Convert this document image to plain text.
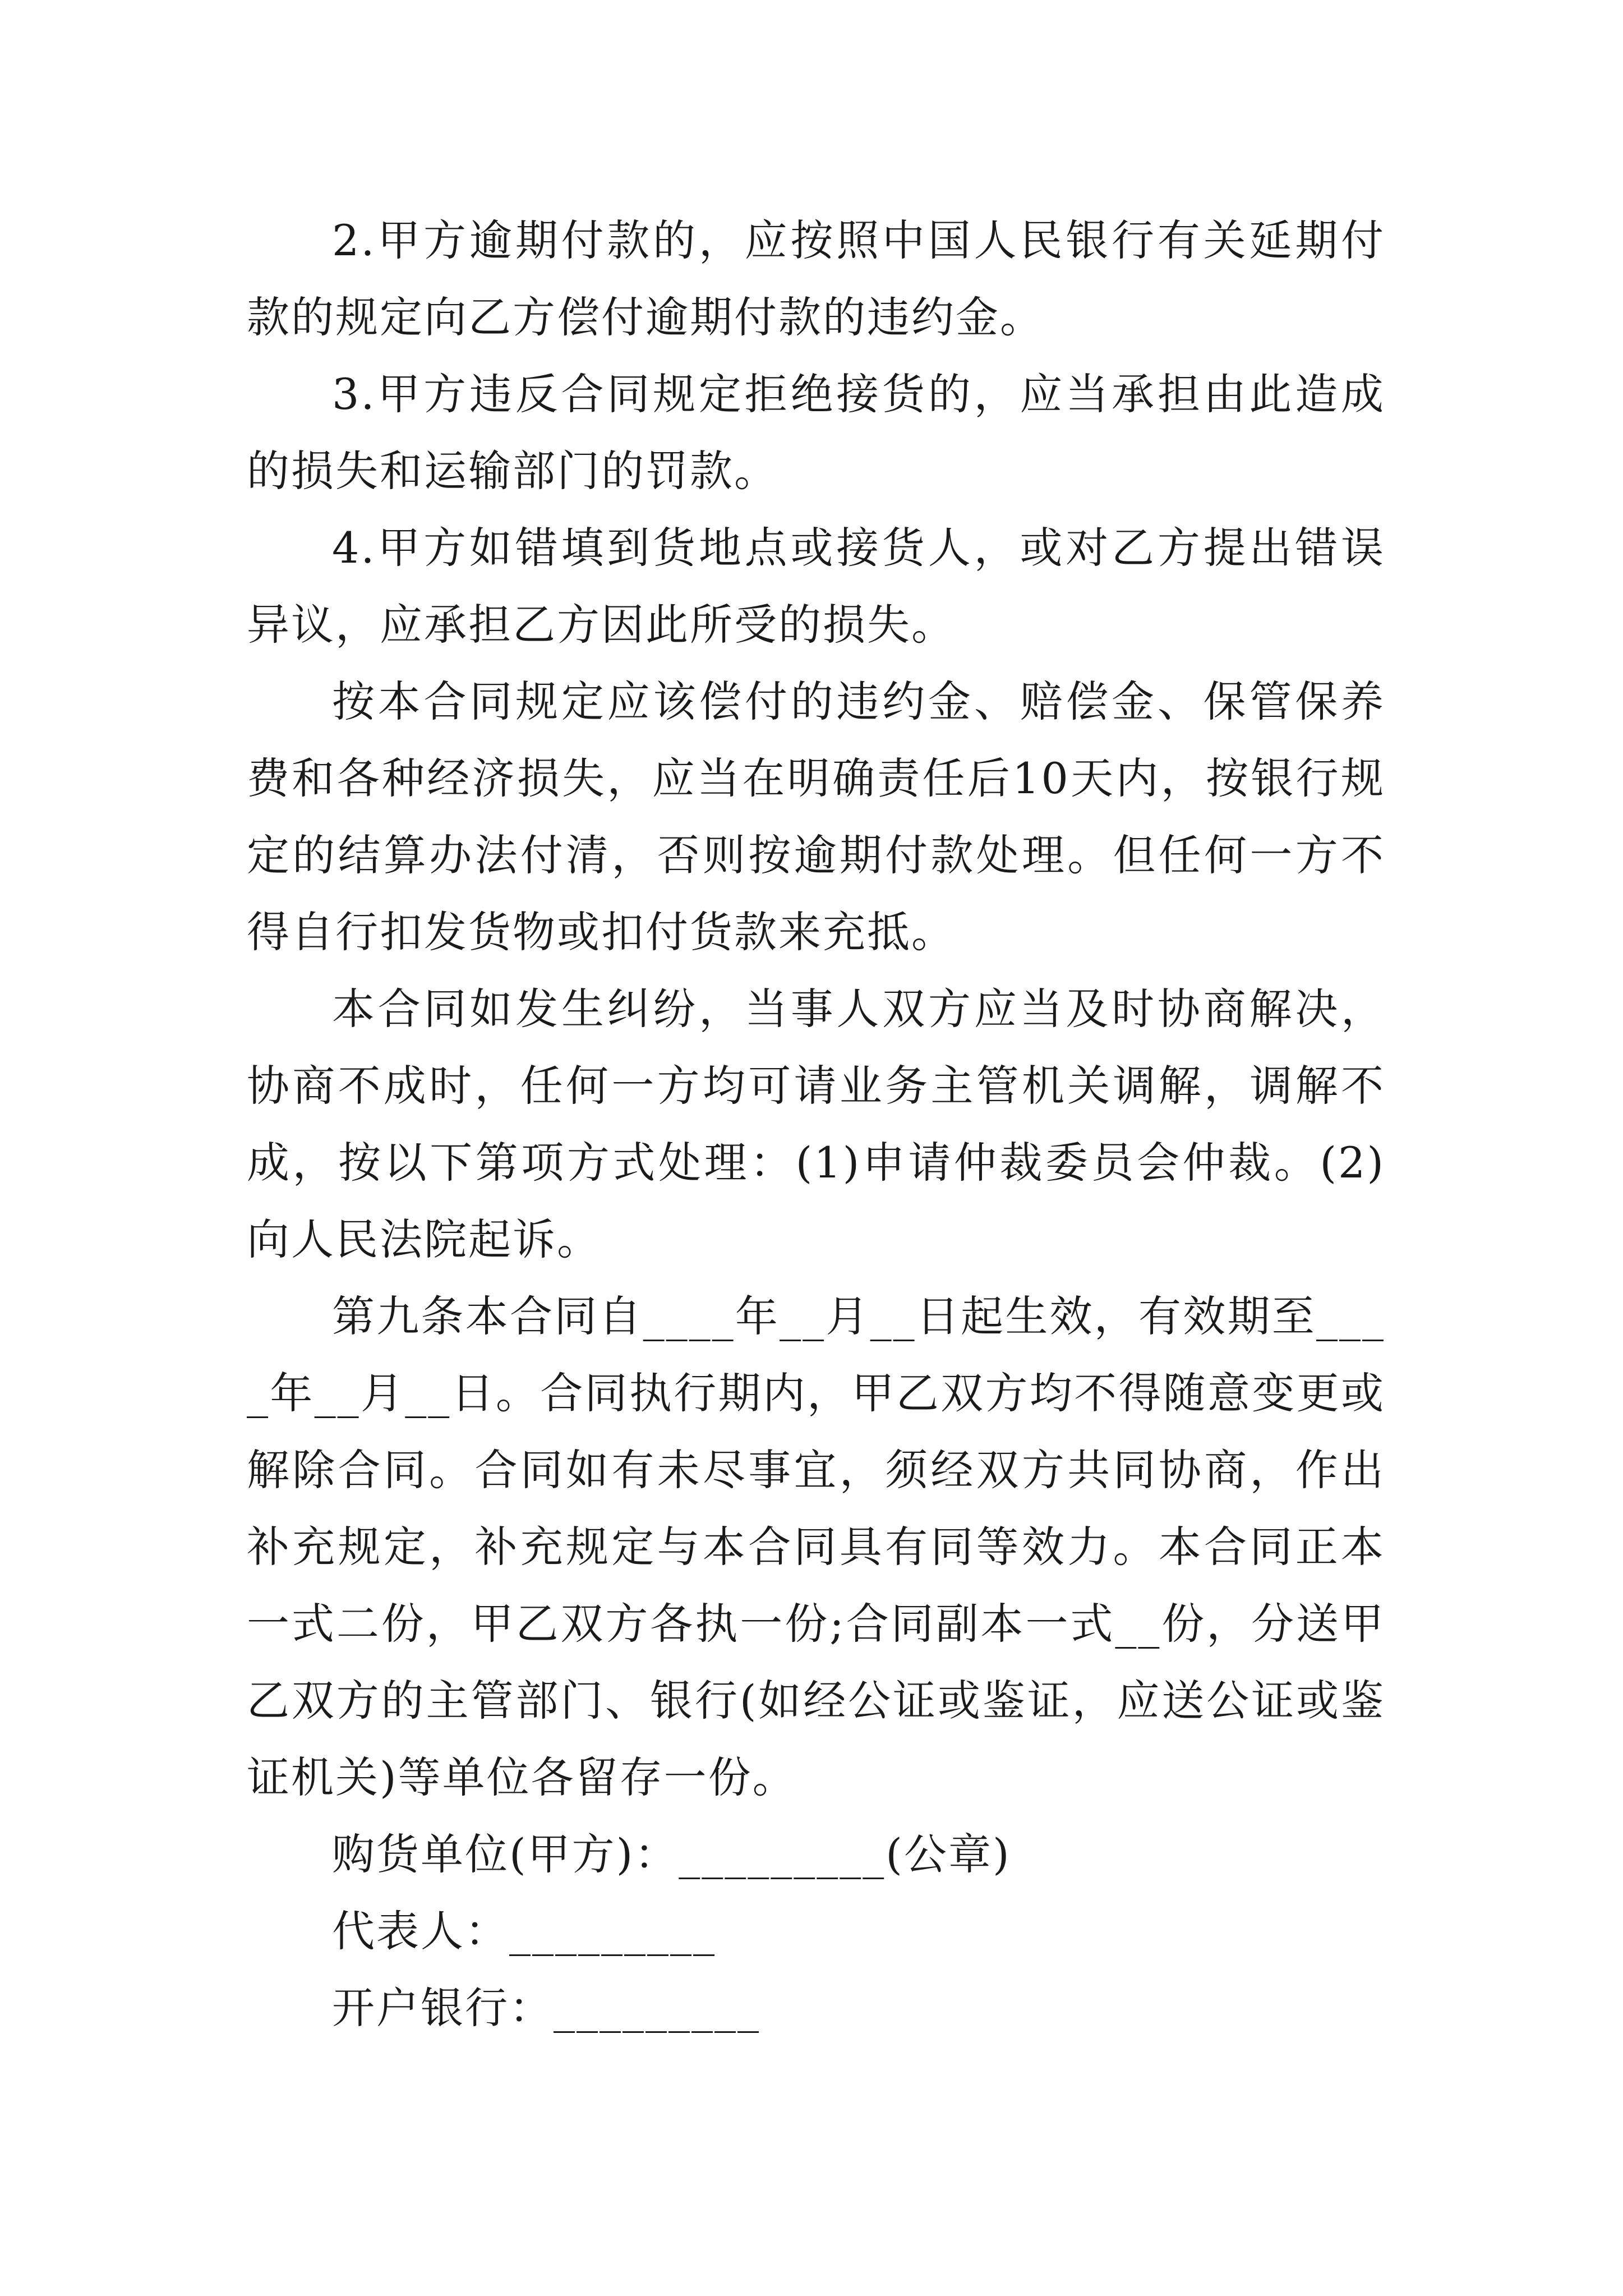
2.甲方逾期付款的，应按照中国人民银行有关延期付款的规定向乙方偿付逾期付款的违约金。

3.甲方违反合同规定拒绝接货的，应当承担由此造成的损失和运输部门的罚款。

4.甲方如错填到货地点或接货人，或对乙方提出错误异议，应承担乙方因此所受的损失。

按本合同规定应该偿付的违约金、赔偿金、保管保养费和各种经济损失，应当在明确责任后10天内，按银行规定的结算办法付清，否则按逾期付款处理。但任何一方不得自行扣发货物或扣付货款来充抵。

本合同如发生纠纷，当事人双方应当及时协商解决，协商不成时，任何一方均可请业务主管机关调解，调解不成，按以下第项方式处理：(1)申请仲裁委员会仲裁。(2)向人民法院起诉。

第九条本合同自____年__月__日起生效，有效期至____年__月__日。合同执行期内，甲乙双方均不得随意变更或解除合同。合同如有未尽事宜，须经双方共同协商，作出补充规定，补充规定与本合同具有同等效力。本合同正本一式二份，甲乙双方各执一份;合同副本一式__份，分送甲乙双方的主管部门、银行(如经公证或鉴证，应送公证或鉴证机关)等单位各留存一份。

购货单位(甲方)：_________(公章)

代表人：_________

开户银行：_________
